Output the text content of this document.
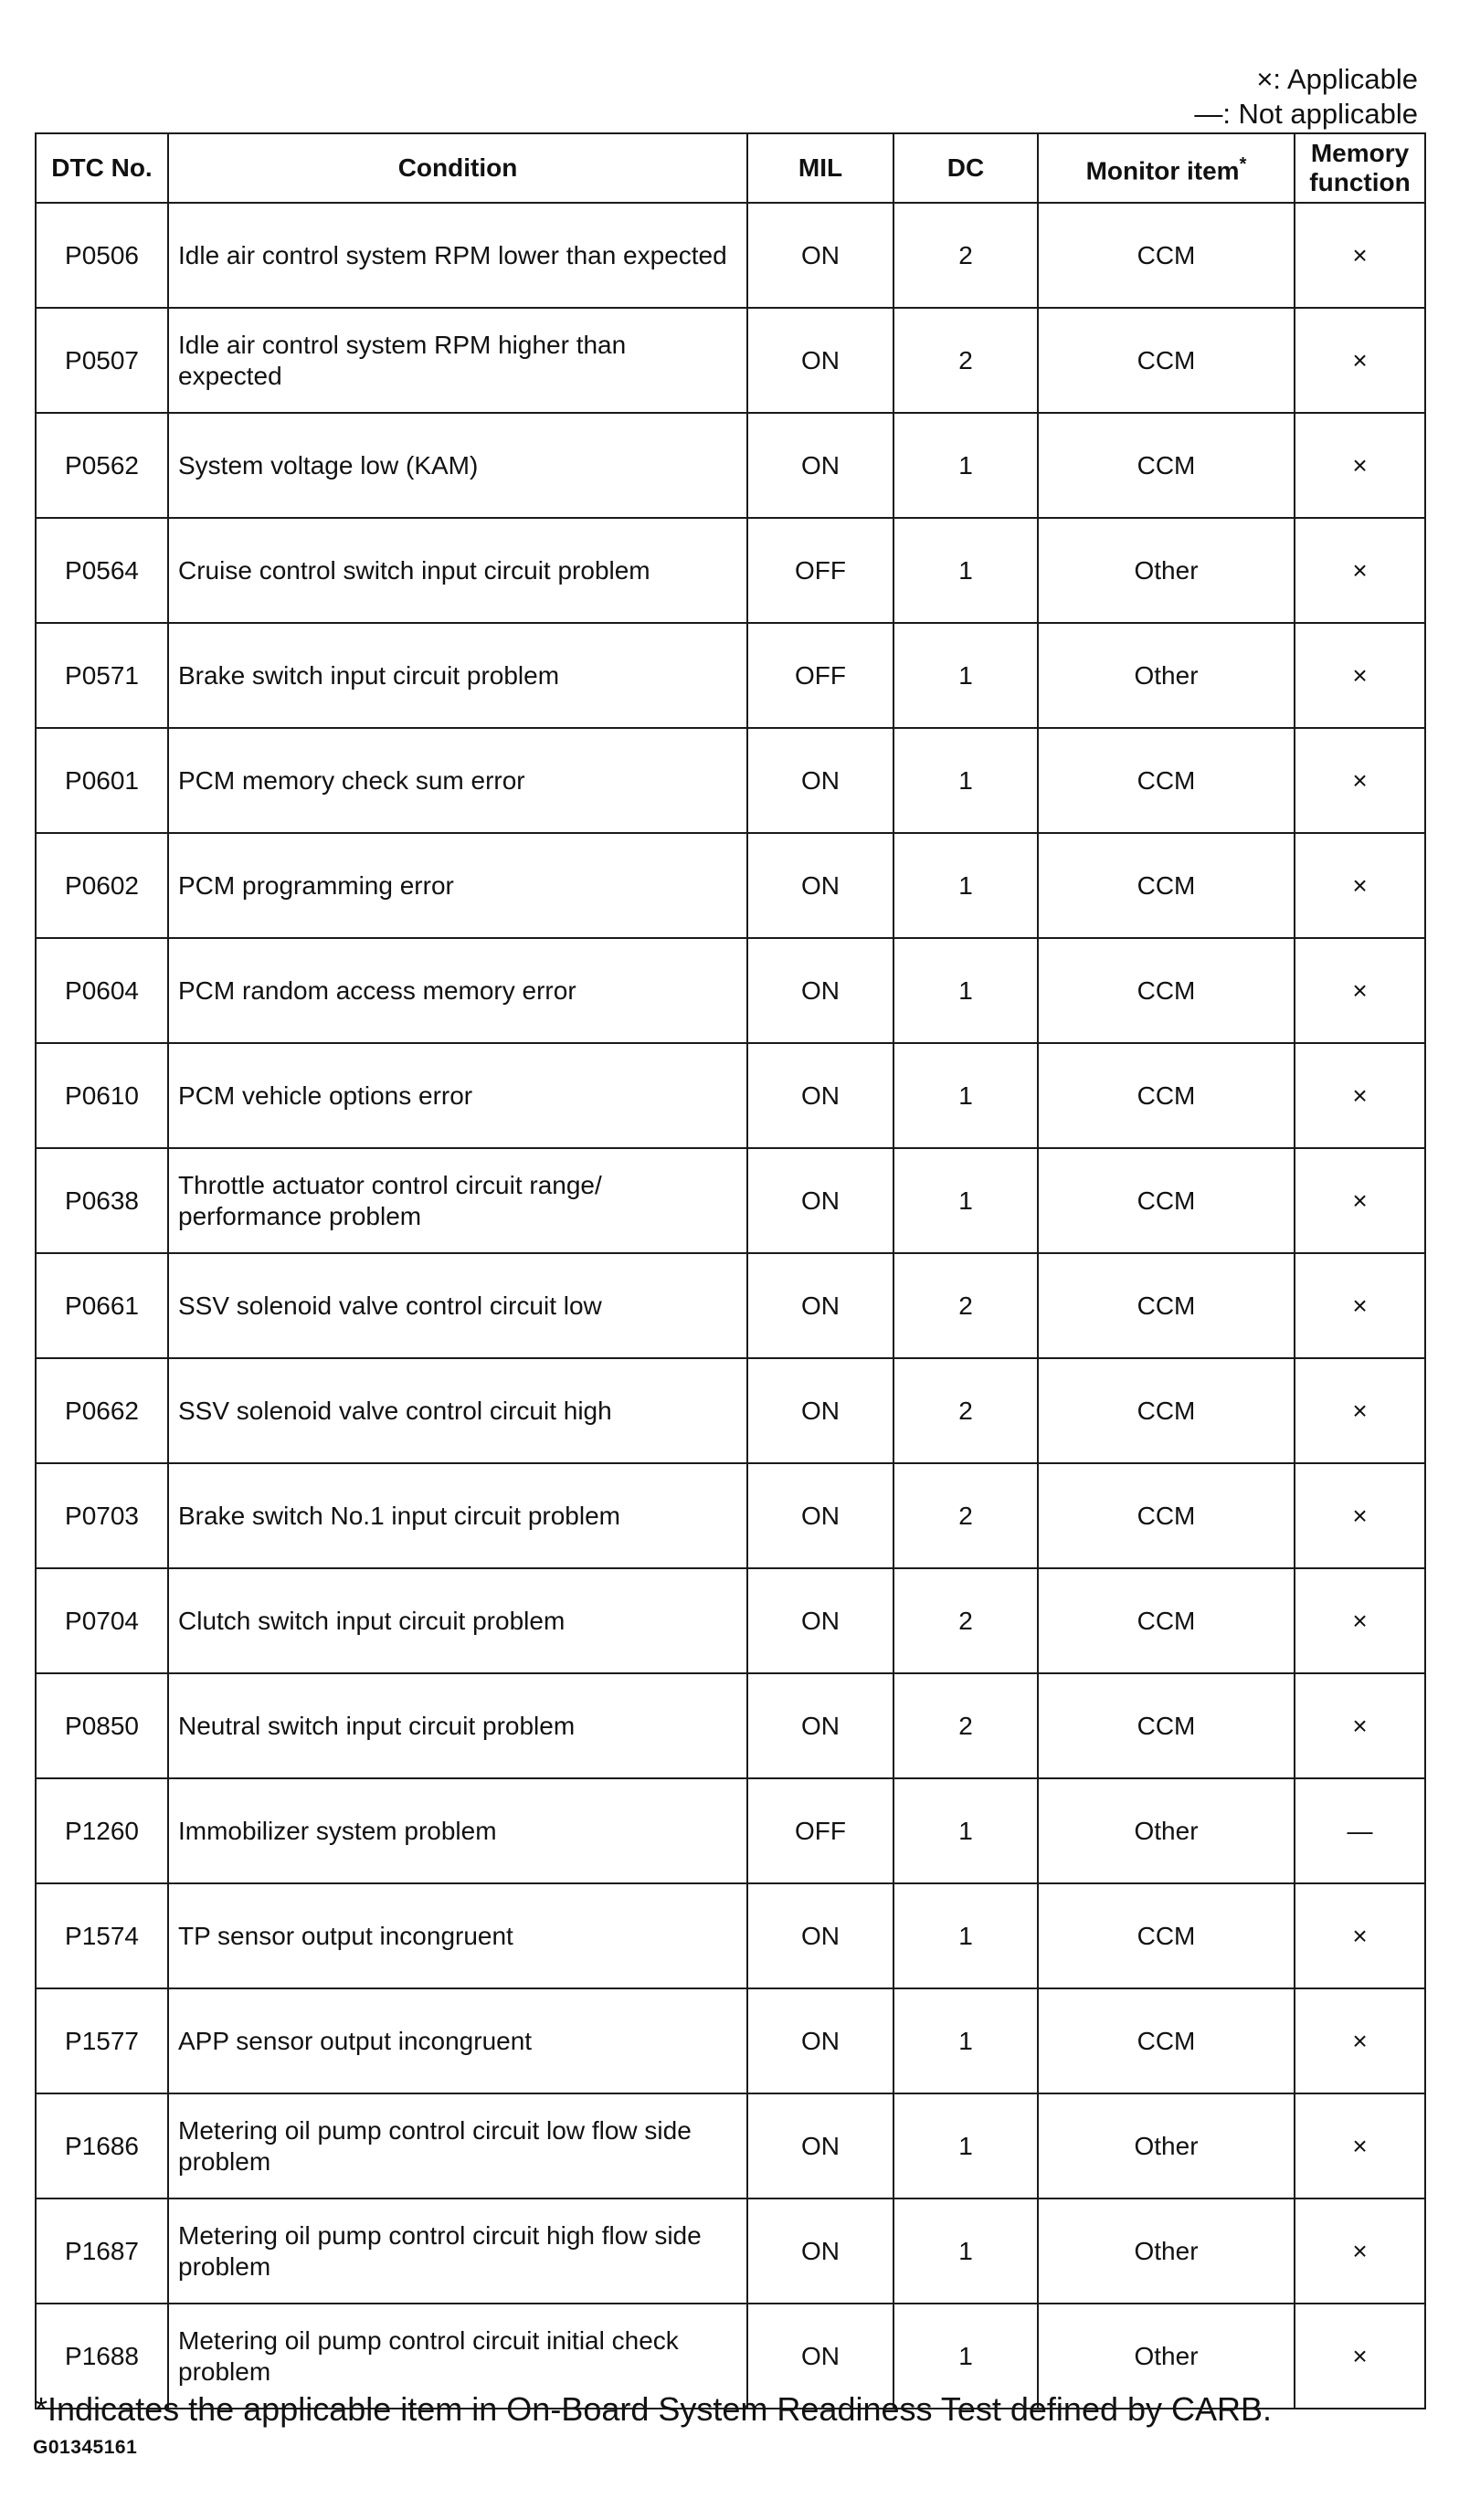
×: Applicable
—: Not applicable
DTC No.	Condition	MIL	DC	Monitor item*	Memory function
P0506	Idle air control system RPM lower than expected	ON	2	CCM	×
P0507	Idle air control system RPM higher than expected	ON	2	CCM	×
P0562	System voltage low (KAM)	ON	1	CCM	×
P0564	Cruise control switch input circuit problem	OFF	1	Other	×
P0571	Brake switch input circuit problem	OFF	1	Other	×
P0601	PCM memory check sum error	ON	1	CCM	×
P0602	PCM programming error	ON	1	CCM	×
P0604	PCM random access memory error	ON	1	CCM	×
P0610	PCM vehicle options error	ON	1	CCM	×
P0638	Throttle actuator control circuit range/ performance problem	ON	1	CCM	×
P0661	SSV solenoid valve control circuit low	ON	2	CCM	×
P0662	SSV solenoid valve control circuit high	ON	2	CCM	×
P0703	Brake switch No.1 input circuit problem	ON	2	CCM	×
P0704	Clutch switch input circuit problem	ON	2	CCM	×
P0850	Neutral switch input circuit problem	ON	2	CCM	×
P1260	Immobilizer system problem	OFF	1	Other	—
P1574	TP sensor output incongruent	ON	1	CCM	×
P1577	APP sensor output incongruent	ON	1	CCM	×
P1686	Metering oil pump control circuit low flow side problem	ON	1	Other	×
P1687	Metering oil pump control circuit high flow side problem	ON	1	Other	×
P1688	Metering oil pump control circuit initial check problem	ON	1	Other	×
*Indicates the applicable item in On-Board System Readiness Test defined by CARB.
G01345161
